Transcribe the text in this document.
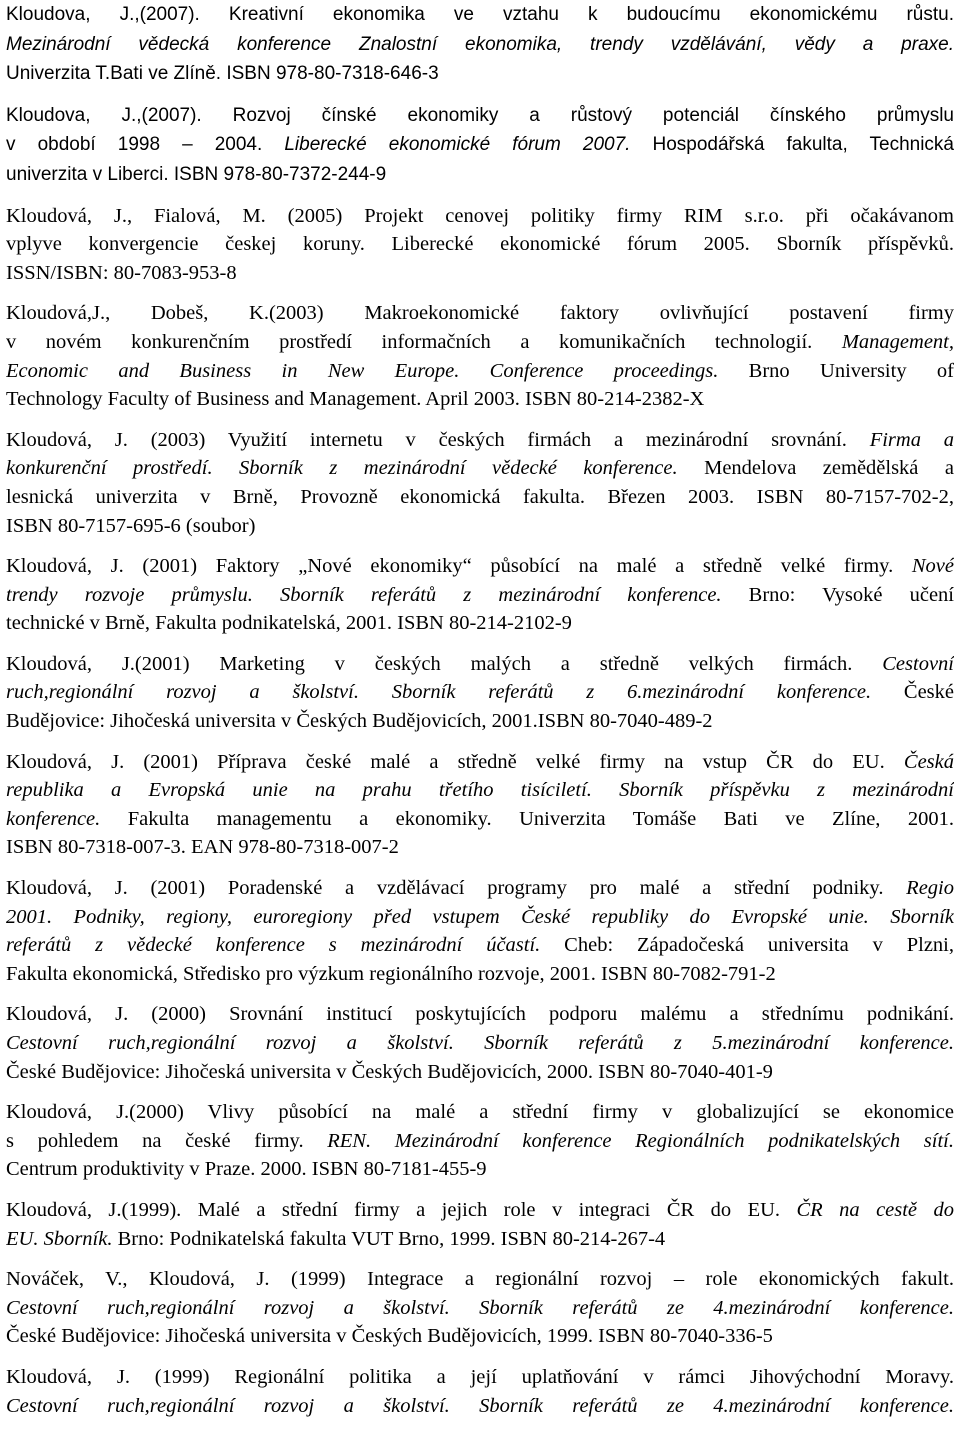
Kloudova, J.,(2007). Kreativní ekonomika ve vztahu k budoucímu ekonomickému růstu.
Mezinárodní vědecká konference Znalostní ekonomika, trendy vzdělávání, vědy a praxe.
Univerzita T.Bati ve Zlíně. ISBN 978-80-7318-646-3

Kloudova, J.,(2007). Rozvoj čínské ekonomiky a růstový potenciál čínského průmyslu
v období 1998 – 2004. Liberecké ekonomické fórum 2007. Hospodářská fakulta, Technická
univerzita v Liberci. ISBN 978-80-7372-244-9

Kloudová, J., Fialová, M. (2005) Projekt cenovej politiky firmy RIM s.r.o. při očakávanom
vplyve konvergencie českej koruny. Liberecké ekonomické fórum 2005. Sborník příspěvků.
ISSN/ISBN: 80-7083-953-8

Kloudová,J., Dobeš, K.(2003) Makroekonomické faktory ovlivňující postavení firmy
v novém konkurenčním prostředí informačních a komunikačních technologií. Management,
Economic and Business in New Europe. Conference proceedings. Brno University of
Technology Faculty of Business and Management. April 2003. ISBN 80-214-2382-X

Kloudová, J. (2003) Využití internetu v českých firmách a mezinárodní srovnání. Firma a
konkurenční prostředí. Sborník z mezinárodní vědecké konference. Mendelova zemědělská a
lesnická univerzita v Brně, Provozně ekonomická fakulta. Březen 2003. ISBN 80-7157-702-2,
ISBN 80-7157-695-6 (soubor)

Kloudová, J. (2001) Faktory „Nové ekonomiky“ působící na malé a středně velké firmy. Nové
trendy rozvoje průmyslu. Sborník referátů z mezinárodní konference. Brno: Vysoké učení
technické v Brně, Fakulta podnikatelská, 2001. ISBN 80-214-2102-9

Kloudová, J.(2001) Marketing v českých malých a středně velkých firmách. Cestovní
ruch,regionální rozvoj a školství. Sborník referátů z 6.mezinárodní konference. České
Budějovice: Jihočeská universita v Českých Budějovicích, 2001.ISBN 80-7040-489-2

Kloudová, J. (2001) Příprava české malé a středně velké firmy na vstup ČR do EU. Česká
republika a Evropská unie na prahu třetího tisíciletí. Sborník příspěvku z mezinárodní
konference. Fakulta managementu a ekonomiky. Univerzita Tomáše Bati ve Zlíne, 2001.
ISBN 80-7318-007-3. EAN 978-80-7318-007-2

Kloudová, J. (2001) Poradenské a vzdělávací programy pro malé a střední podniky. Regio
2001. Podniky, regiony, euroregiony před vstupem České republiky do Evropské unie. Sborník
referátů z vědecké konference s mezinárodní účastí. Cheb: Západočeská universita v Plzni,
Fakulta ekonomická, Středisko pro výzkum regionálního rozvoje, 2001. ISBN 80-7082-791-2

Kloudová, J. (2000) Srovnání institucí poskytujících podporu malému a střednímu podnikání.
Cestovní ruch,regionální rozvoj a školství. Sborník referátů z 5.mezinárodní konference.
České Budějovice: Jihočeská universita v Českých Budějovicích, 2000. ISBN 80-7040-401-9

Kloudová, J.(2000) Vlivy působící na malé a střední firmy v globalizující se ekonomice
s pohledem na české firmy. REN. Mezinárodní konference Regionálních podnikatelských sítí.
Centrum produktivity v Praze. 2000. ISBN 80-7181-455-9

Kloudová, J.(1999). Malé a střední firmy a jejich role v integraci ČR do EU. ČR na cestě do
EU. Sborník. Brno: Podnikatelská fakulta VUT Brno, 1999. ISBN 80-214-267-4

Nováček, V., Kloudová, J. (1999) Integrace a regionální rozvoj – role ekonomických fakult.
Cestovní ruch,regionální rozvoj a školství. Sborník referátů ze 4.mezinárodní konference.
České Budějovice: Jihočeská universita v Českých Budějovicích, 1999. ISBN 80-7040-336-5

Kloudová, J. (1999) Regionální politika a její uplatňování v rámci Jihovýchodní Moravy.
Cestovní ruch,regionální rozvoj a školství. Sborník referátů ze 4.mezinárodní konference.
